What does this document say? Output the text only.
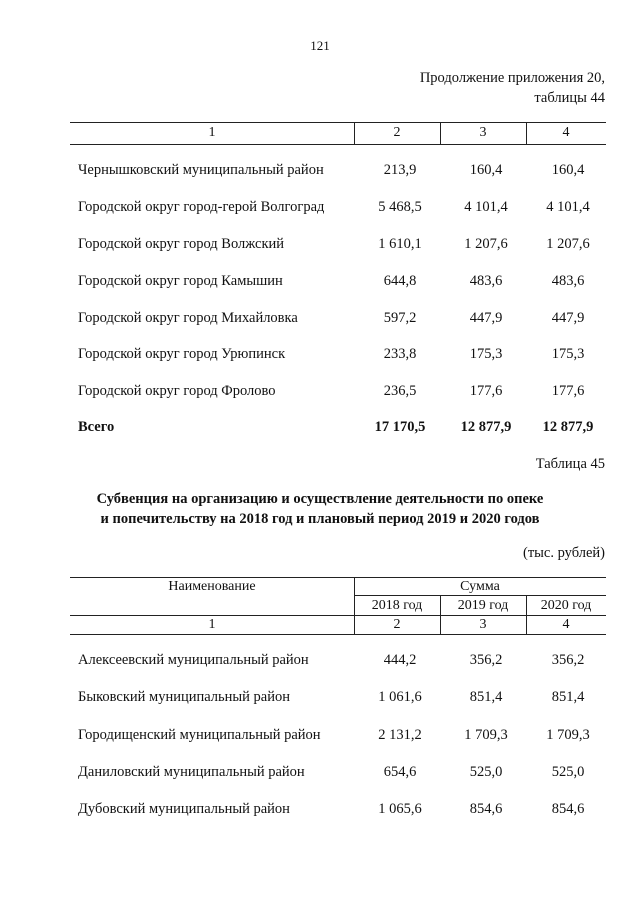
121
Продолжение приложения 20,
таблицы 44
1	2	3	4
Чернышковский муниципальный район	213,9	160,4	160,4
Городской округ город-герой Волгоград	5 468,5	4 101,4	4 101,4
Городской округ город Волжский	1 610,1	1 207,6	1 207,6
Городской округ город Камышин	644,8	483,6	483,6
Городской округ город Михайловка	597,2	447,9	447,9
Городской округ город Урюпинск	233,8	175,3	175,3
Городской округ город Фролово	236,5	177,6	177,6
Всего	17 170,5	12 877,9	12 877,9
Таблица 45
Субвенция на организацию и осуществление деятельности по опеке
и попечительству на 2018 год и плановый период 2019 и 2020 годов
(тыс. рублей)
Наименование	Сумма
2018 год	2019 год	2020 год
1	2	3	4
Алексеевский муниципальный район	444,2	356,2	356,2
Быковский муниципальный район	1 061,6	851,4	851,4
Городищенский муниципальный район	2 131,2	1 709,3	1 709,3
Даниловский муниципальный район	654,6	525,0	525,0
Дубовский муниципальный район	1 065,6	854,6	854,6
